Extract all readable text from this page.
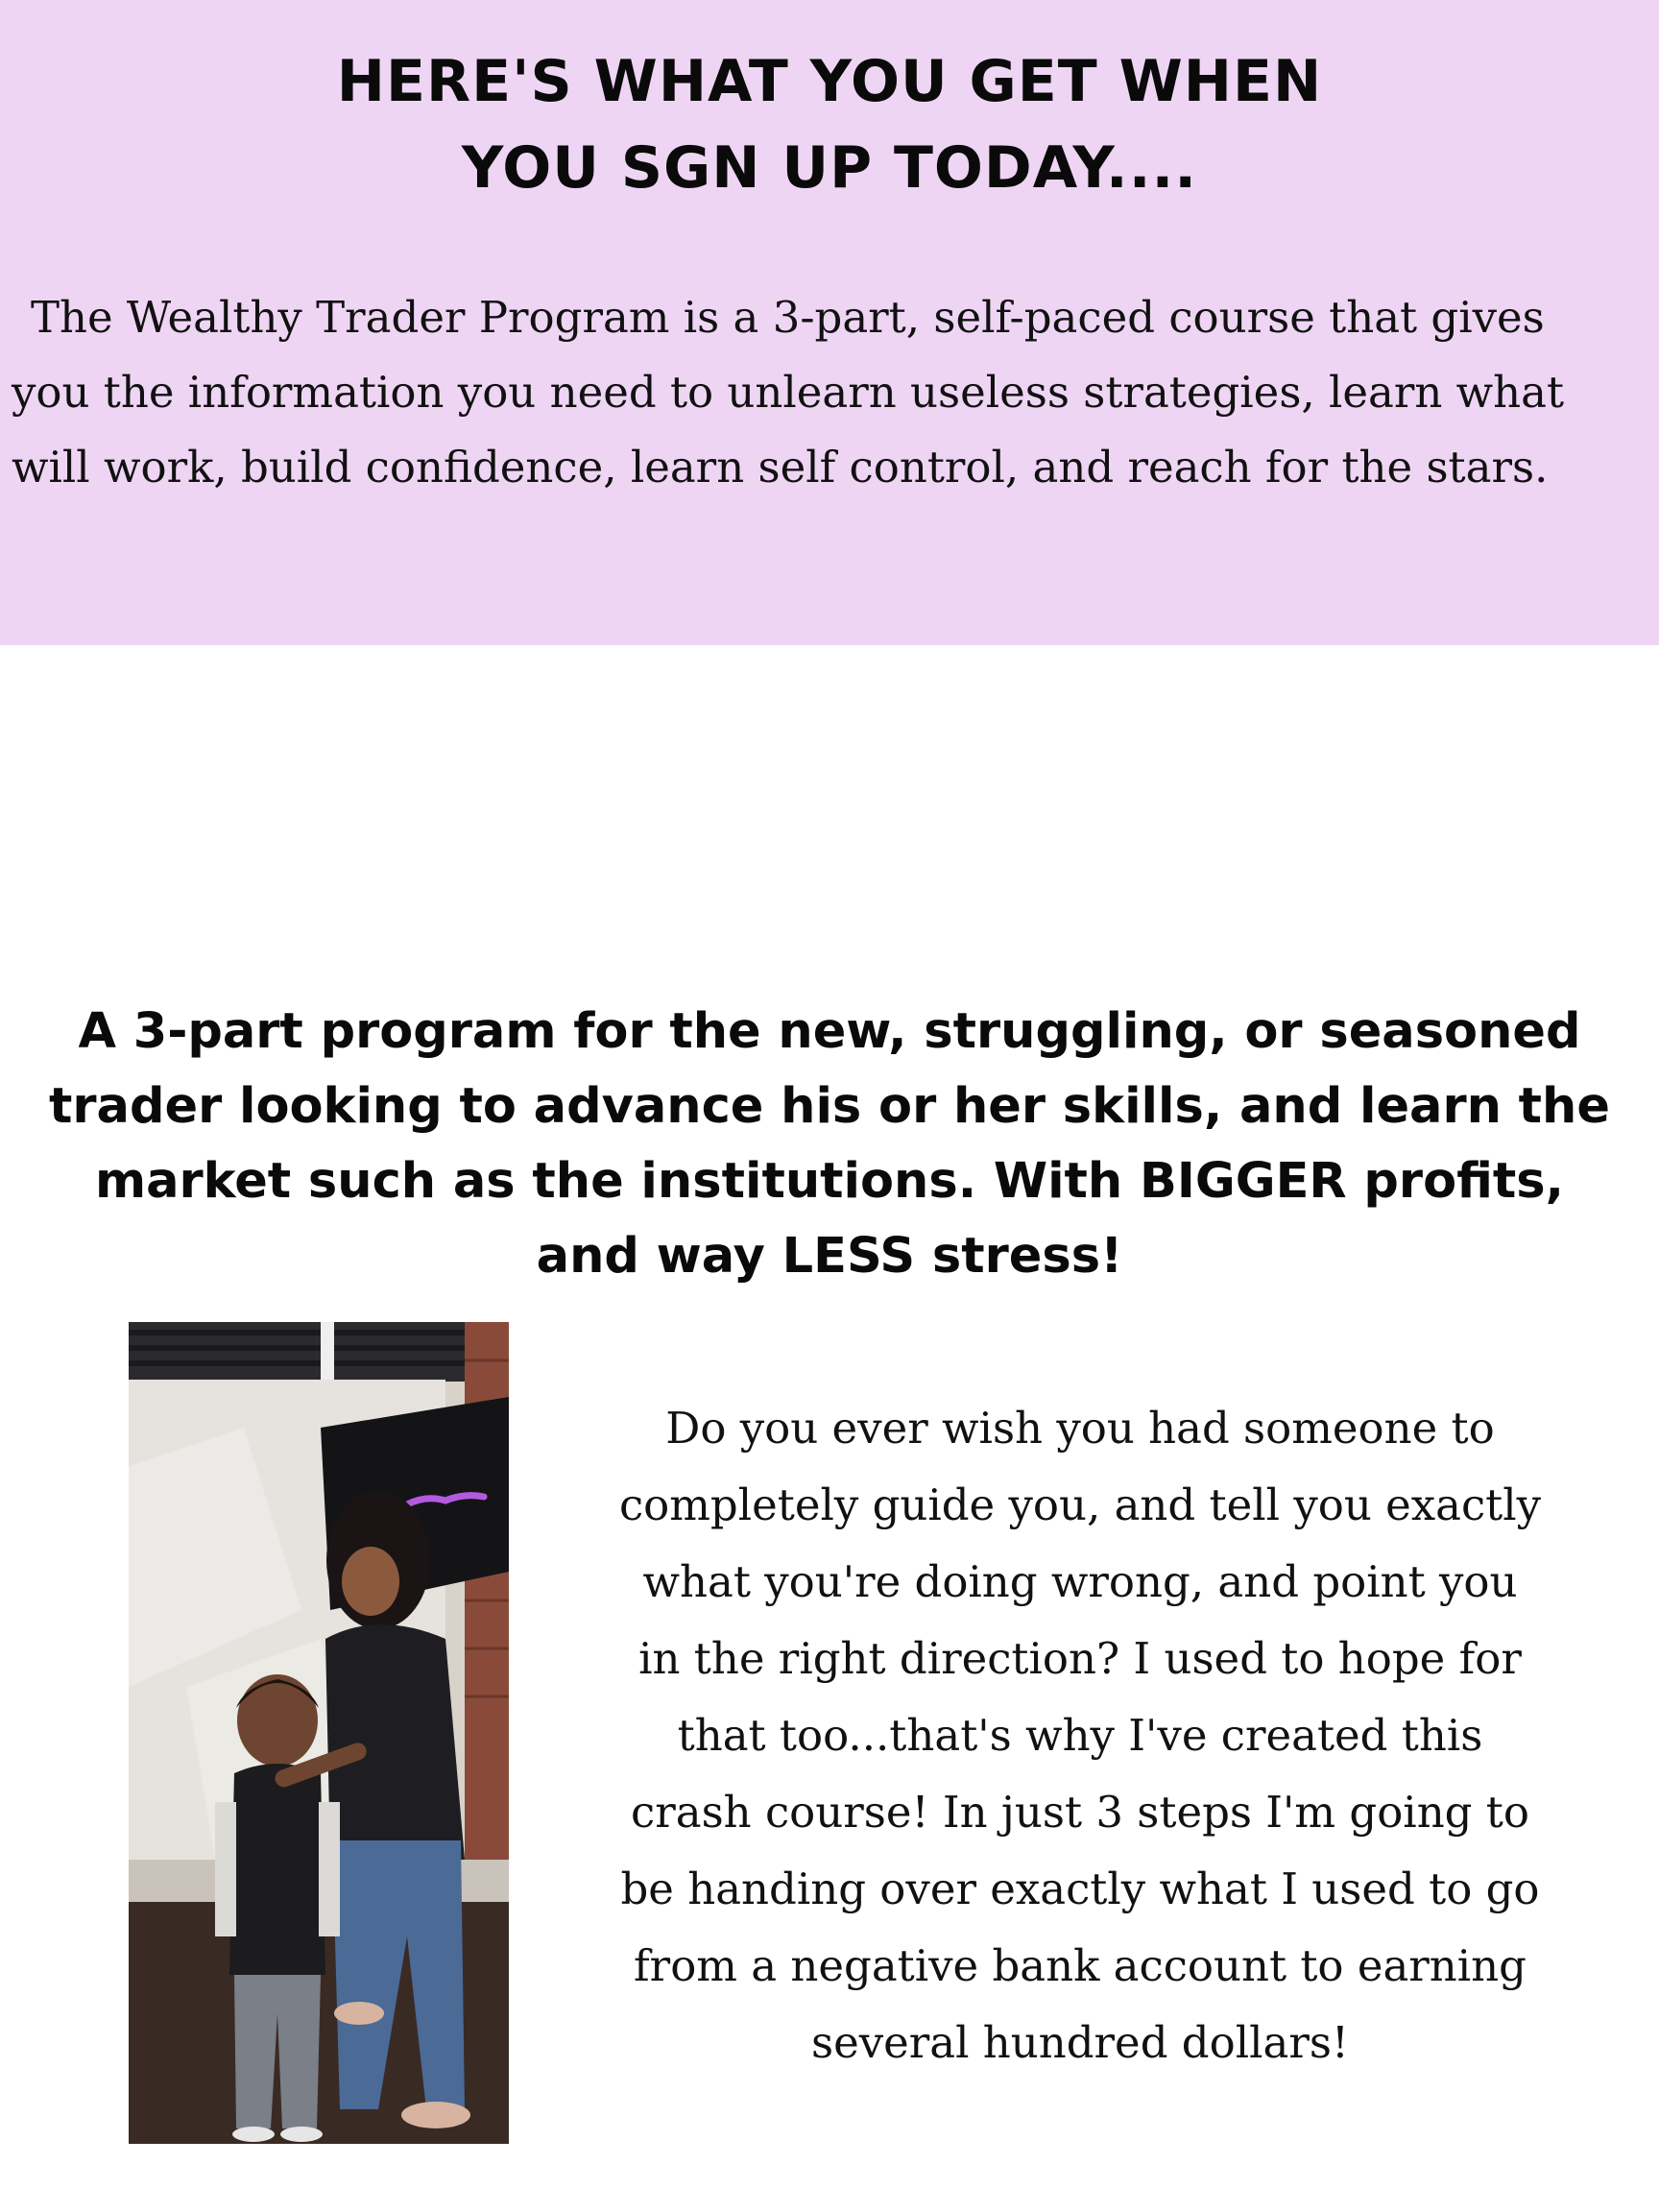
HERE'S WHAT YOU GET WHEN
YOU SGN UP TODAY....

The Wealthy Trader Program is a 3-part, self-paced course that gives
you the information you need to unlearn useless strategies, learn what
will work, build confidence, learn self control, and reach for the stars.

A 3-part program for the new, struggling, or seasoned
trader looking to advance his or her skills, and learn the
market such as the institutions. With BIGGER profits,
and way LESS stress!

Do you ever wish you had someone to
completely guide you, and tell you exactly
what you're doing wrong, and point you
in the right direction? I used to hope for
that too...that's why I've created this
crash course! In just 3 steps I'm going to
be handing over exactly what I used to go
from a negative bank account to earning
several hundred dollars!
